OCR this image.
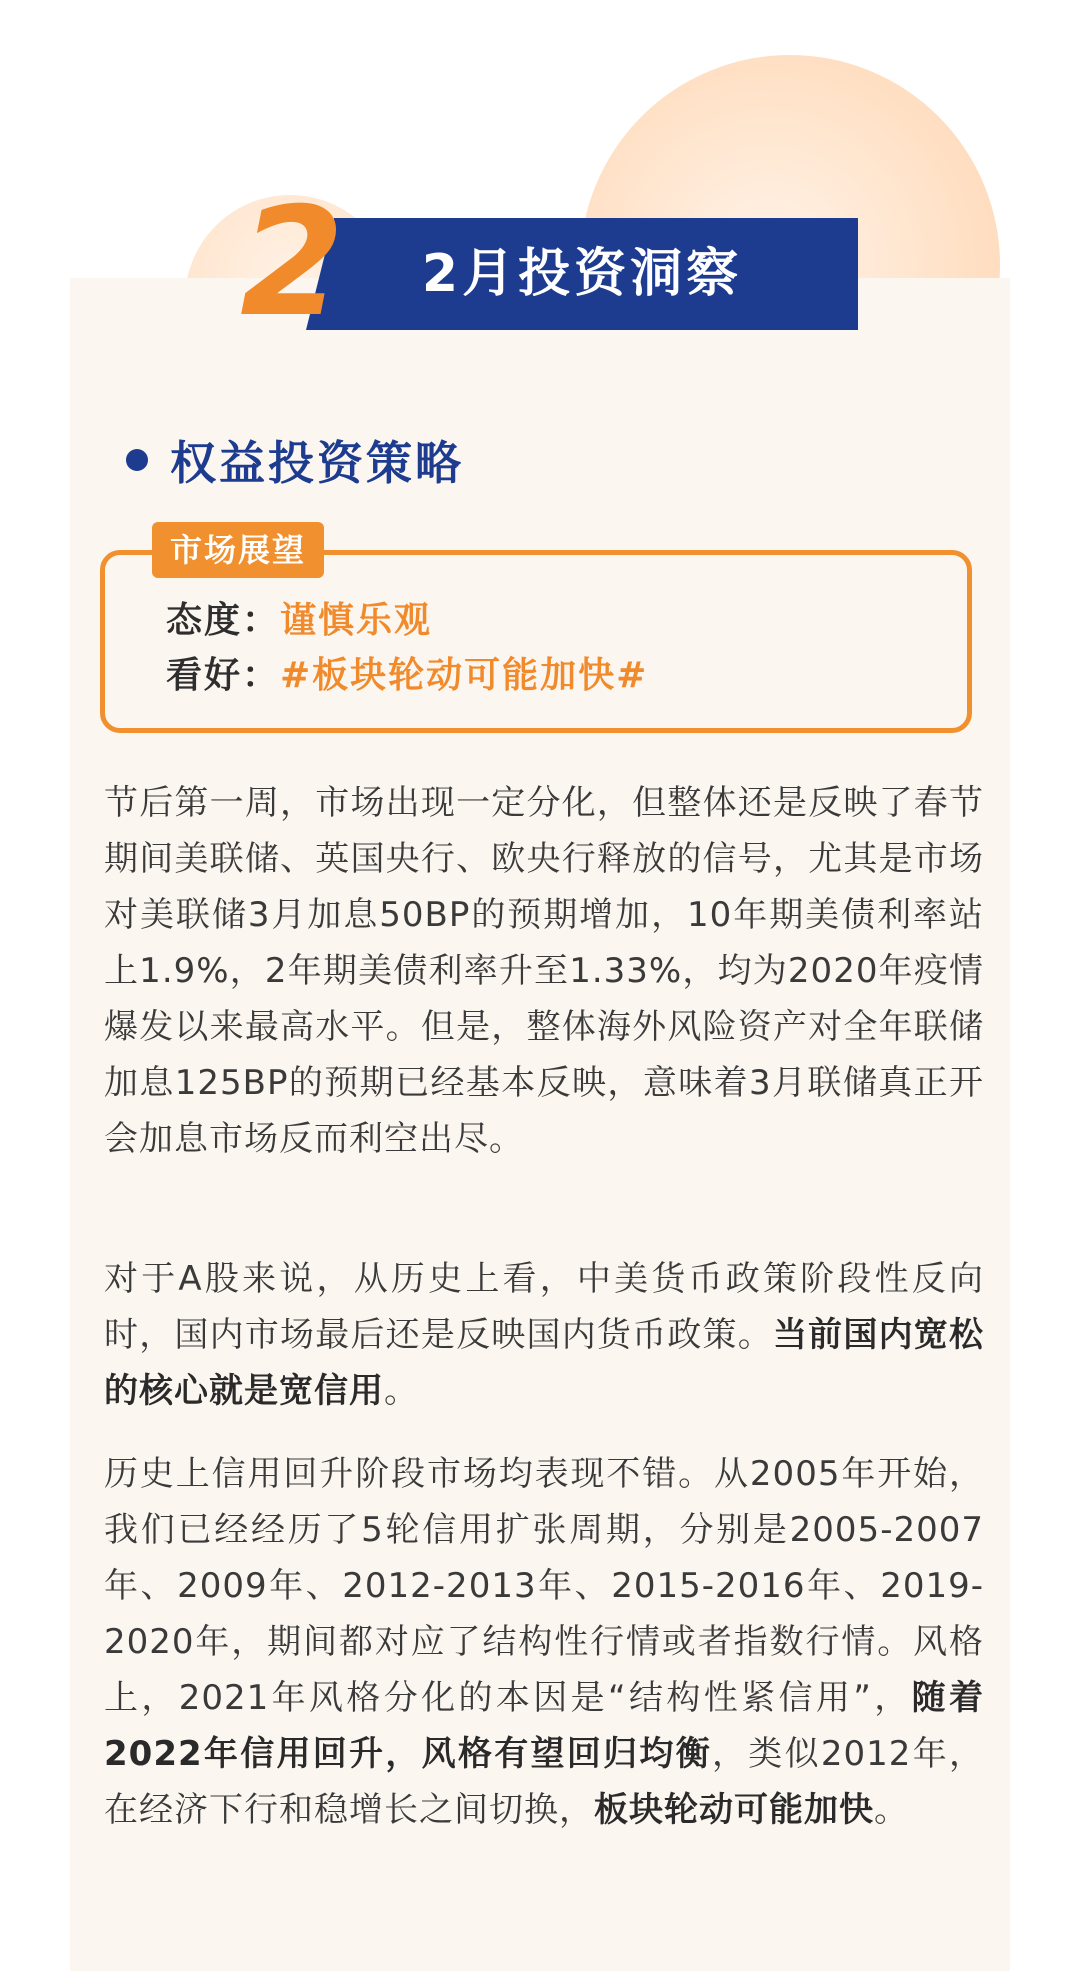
2	2月投资洞察
权益投资策略
市场展望
态度：谨慎乐观
看好：#板块轮动可能加快#

节后第一周，市场出现一定分化，但整体还是反映了春节期间美联储、英国央行、欧央行释放的信号，尤其是市场对美联储3月加息50BP的预期增加，10年期美债利率站上1.9%，2年期美债利率升至1.33%，均为2020年疫情爆发以来最高水平。但是，整体海外风险资产对全年联储加息125BP的预期已经基本反映，意味着3月联储真正开会加息市场反而利空出尽。

对于A股来说，从历史上看，中美货币政策阶段性反向时，国内市场最后还是反映国内货币政策。当前国内宽松的核心就是宽信用。

历史上信用回升阶段市场均表现不错。从2005年开始，我们已经经历了5轮信用扩张周期，分别是2005-2007年、2009年、2012-2013年、2015-2016年、2019-2020年，期间都对应了结构性行情或者指数行情。风格上，2021年风格分化的本因是“结构性紧信用”，随着2022年信用回升，风格有望回归均衡，类似2012年，在经济下行和稳增长之间切换，板块轮动可能加快。
